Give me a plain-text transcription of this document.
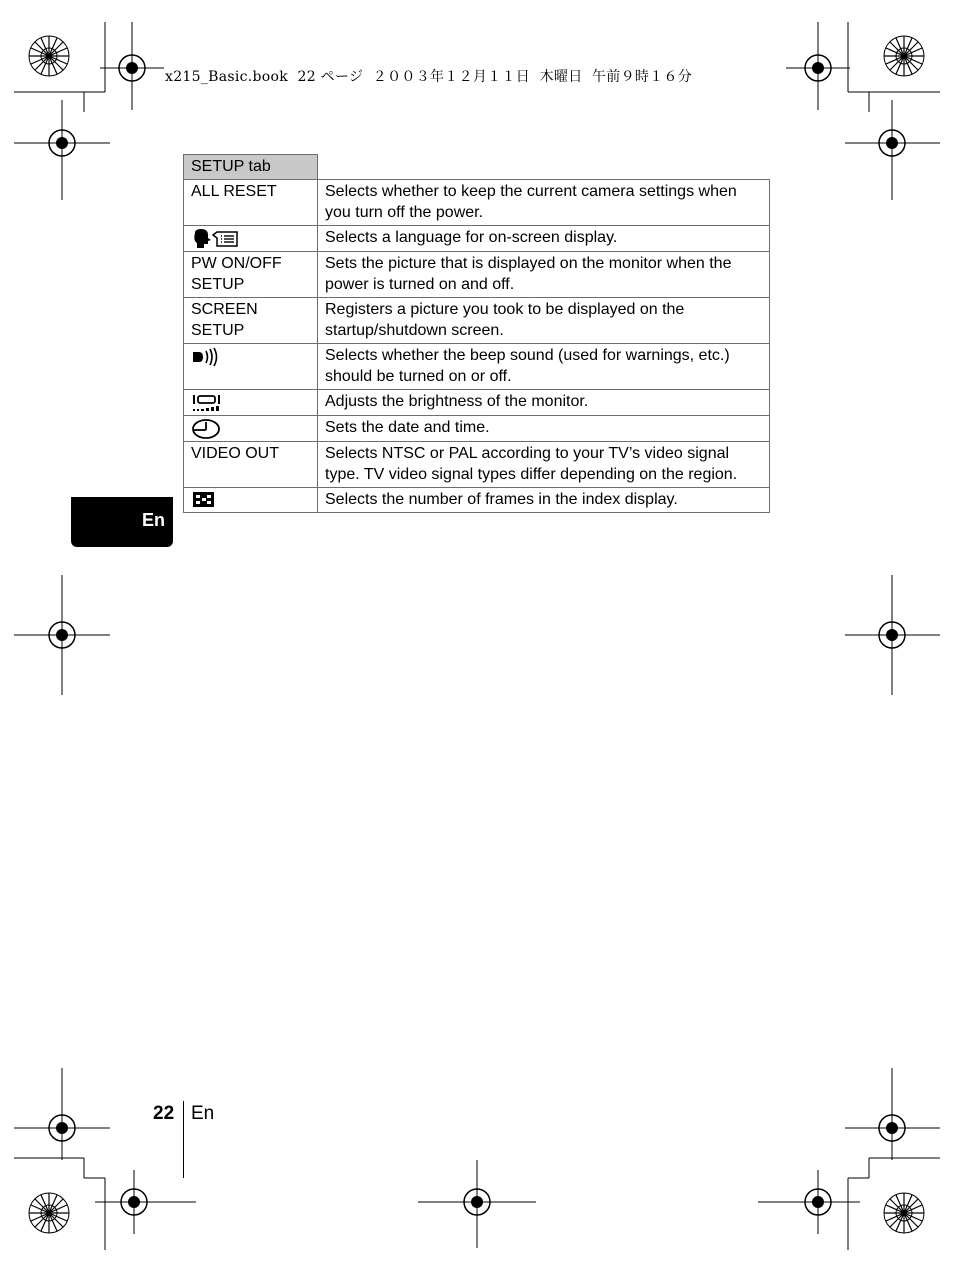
x215_Basic.book  22 ページ  ２００３年１２月１１日  木曜日  午前９時１６分
SETUP tab	
ALL RESET	Selects whether to keep the current camera settings when you turn off the power.

	Selects a language for on-screen display.
PW ON/OFF SETUP	Sets the picture that is displayed on the monitor when the power is turned on and off.
SCREEN SETUP	Registers a picture you took to be displayed on the startup/shutdown screen.

	Selects whether the beep sound (used for warnings, etc.) should be turned on or off.

	Adjusts the brightness of the monitor.

	Sets the date and time.
VIDEO OUT	Selects NTSC or PAL according to your TV’s video signal type. TV video signal types differ depending on the region.

	Selects the number of frames in the index display.
En
22 En
